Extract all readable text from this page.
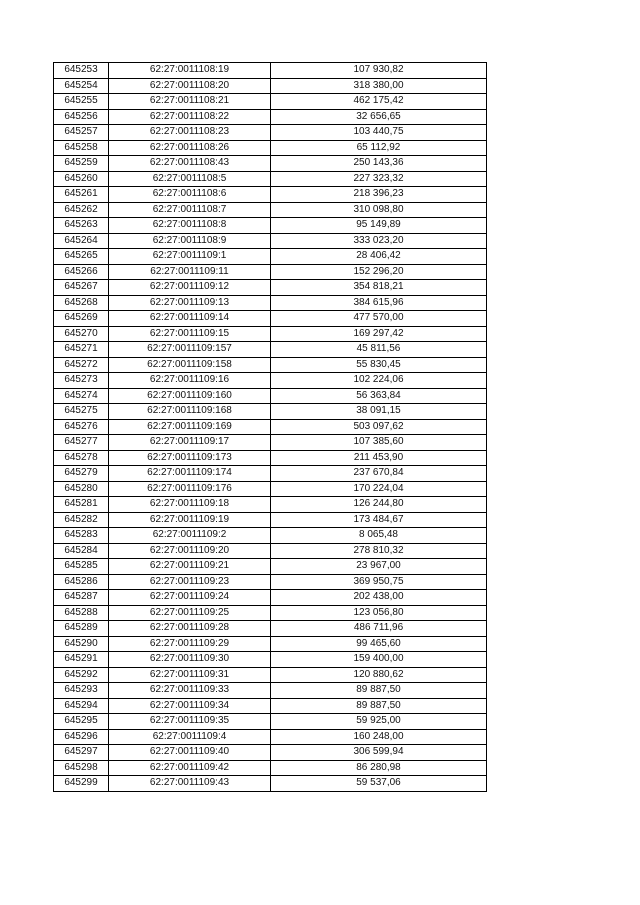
645253	62:27:0011108:19	107 930,82
645254	62:27:0011108:20	318 380,00
645255	62:27:0011108:21	462 175,42
645256	62:27:0011108:22	32 656,65
645257	62:27:0011108:23	103 440,75
645258	62:27:0011108:26	65 112,92
645259	62:27:0011108:43	250 143,36
645260	62:27:0011108:5	227 323,32
645261	62:27:0011108:6	218 396,23
645262	62:27:0011108:7	310 098,80
645263	62:27:0011108:8	95 149,89
645264	62:27:0011108:9	333 023,20
645265	62:27:0011109:1	28 406,42
645266	62:27:0011109:11	152 296,20
645267	62:27:0011109:12	354 818,21
645268	62:27:0011109:13	384 615,96
645269	62:27:0011109:14	477 570,00
645270	62:27:0011109:15	169 297,42
645271	62:27:0011109:157	45 811,56
645272	62:27:0011109:158	55 830,45
645273	62:27:0011109:16	102 224,06
645274	62:27:0011109:160	56 363,84
645275	62:27:0011109:168	38 091,15
645276	62:27:0011109:169	503 097,62
645277	62:27:0011109:17	107 385,60
645278	62:27:0011109:173	211 453,90
645279	62:27:0011109:174	237 670,84
645280	62:27:0011109:176	170 224,04
645281	62:27:0011109:18	126 244,80
645282	62:27:0011109:19	173 484,67
645283	62:27:0011109:2	8 065,48
645284	62:27:0011109:20	278 810,32
645285	62:27:0011109:21	23 967,00
645286	62:27:0011109:23	369 950,75
645287	62:27:0011109:24	202 438,00
645288	62:27:0011109:25	123 056,80
645289	62:27:0011109:28	486 711,96
645290	62:27:0011109:29	99 465,60
645291	62:27:0011109:30	159 400,00
645292	62:27:0011109:31	120 880,62
645293	62:27:0011109:33	89 887,50
645294	62:27:0011109:34	89 887,50
645295	62:27:0011109:35	59 925,00
645296	62:27:0011109:4	160 248,00
645297	62:27:0011109:40	306 599,94
645298	62:27:0011109:42	86 280,98
645299	62:27:0011109:43	59 537,06
